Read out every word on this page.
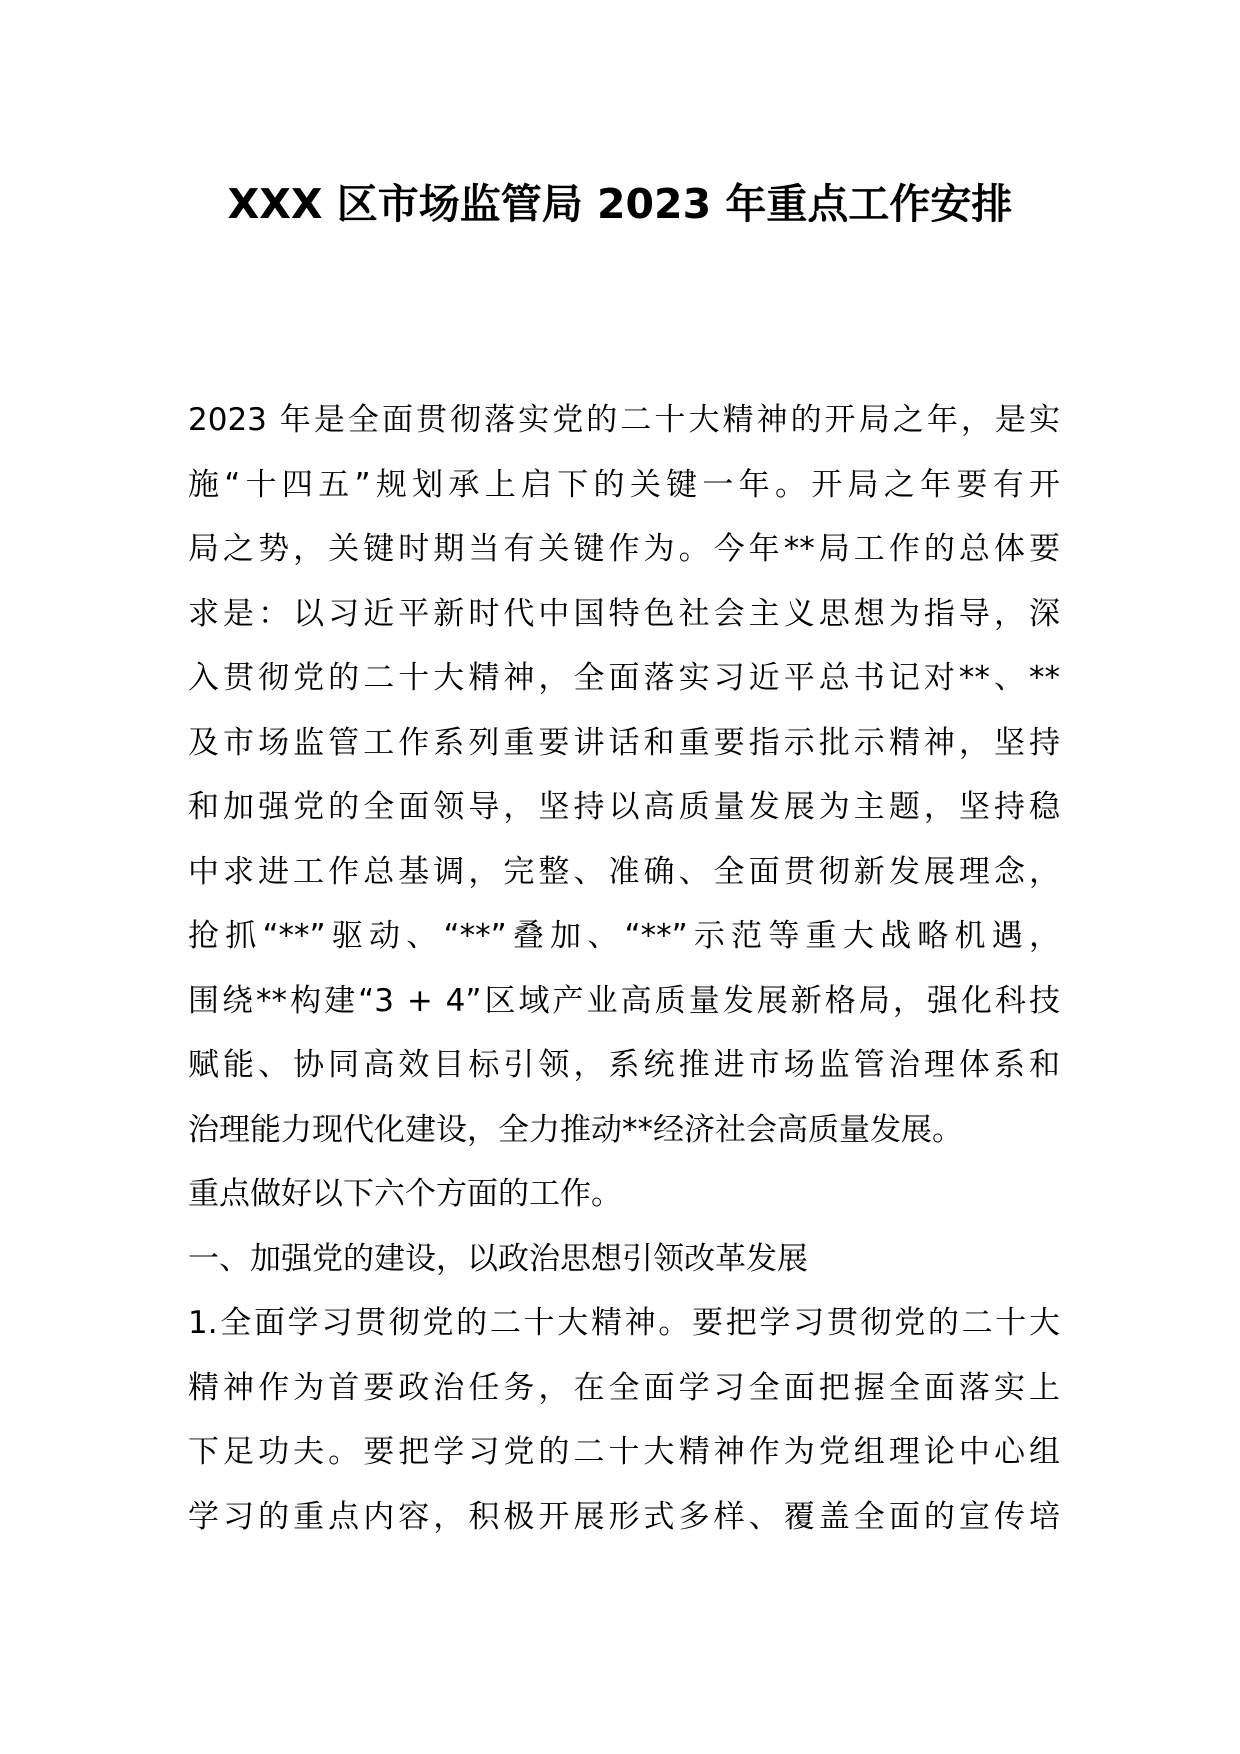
XXX 区市场监管局 2023 年重点工作安排
2023 年是全面贯彻落实党的二十大精神的开局之年，是实
施“十四五”规划承上启下的关键一年。开局之年要有开
局之势，关键时期当有关键作为。今年**局工作的总体要
求是：以习近平新时代中国特色社会主义思想为指导，深
入贯彻党的二十大精神，全面落实习近平总书记对**、**
及市场监管工作系列重要讲话和重要指示批示精神，坚持
和加强党的全面领导，坚持以高质量发展为主题，坚持稳
中求进工作总基调，完整、准确、全面贯彻新发展理念，
抢抓“**”驱动、“**”叠加、“**”示范等重大战略机遇，
围绕**构建“3 + 4”区域产业高质量发展新格局，强化科技
赋能、协同高效目标引领，系统推进市场监管治理体系和
治理能力现代化建设，全力推动**经济社会高质量发展。
重点做好以下六个方面的工作。
一、加强党的建设，以政治思想引领改革发展
1.全面学习贯彻党的二十大精神。要把学习贯彻党的二十大
精神作为首要政治任务，在全面学习全面把握全面落实上
下足功夫。要把学习党的二十大精神作为党组理论中心组
学习的重点内容，积极开展形式多样、覆盖全面的宣传培
